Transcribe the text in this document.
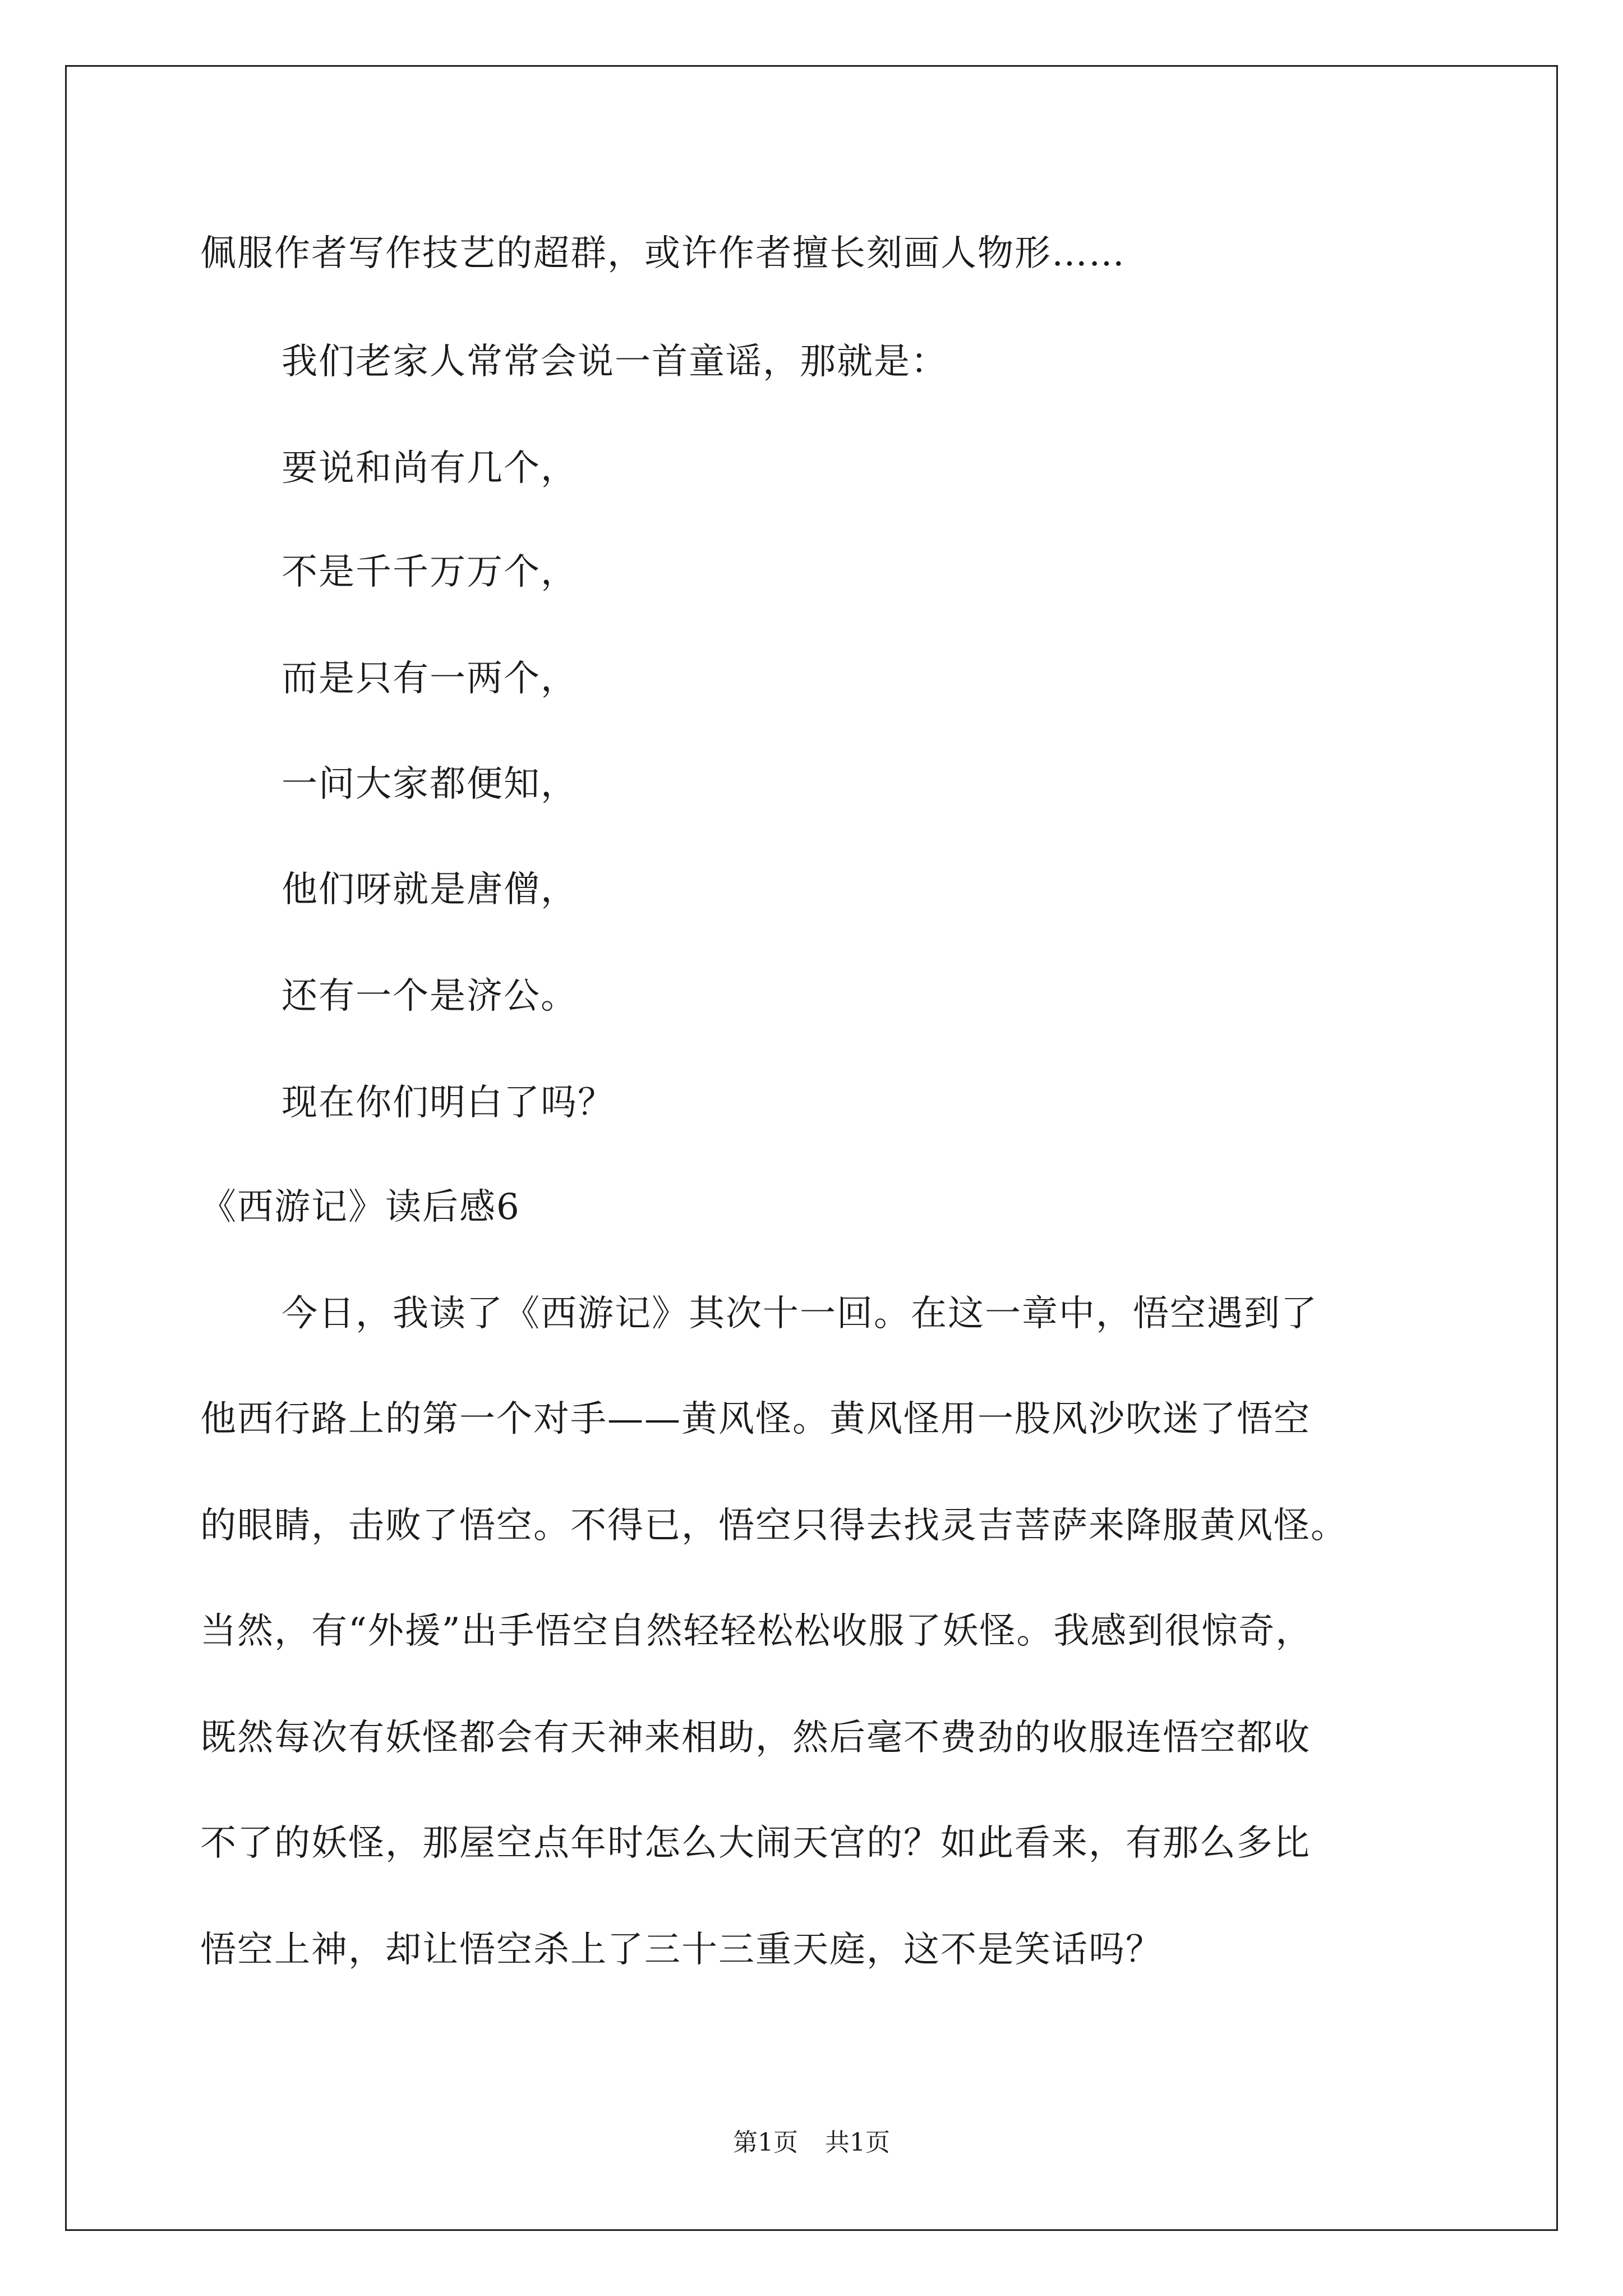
佩服作者写作技艺的超群，或许作者擅长刻画人物形……
我们老家人常常会说一首童谣，那就是：
要说和尚有几个，
不是千千万万个，
而是只有一两个，
一问大家都便知，
他们呀就是唐僧，
还有一个是济公。
现在你们明白了吗？
《西游记》读后感6
今日，我读了《西游记》其次十一回。在这一章中，悟空遇到了
他西行路上的第一个对手——黄风怪。黄风怪用一股风沙吹迷了悟空
的眼睛，击败了悟空。不得已，悟空只得去找灵吉菩萨来降服黄风怪。
当然，有“外援”出手悟空自然轻轻松松收服了妖怪。我感到很惊奇，
既然每次有妖怪都会有天神来相助，然后毫不费劲的收服连悟空都收
不了的妖怪，那屋空点年时怎么大闹天宫的？如此看来，有那么多比
悟空上神，却让悟空杀上了三十三重天庭，这不是笑话吗？
第1页 共1页
